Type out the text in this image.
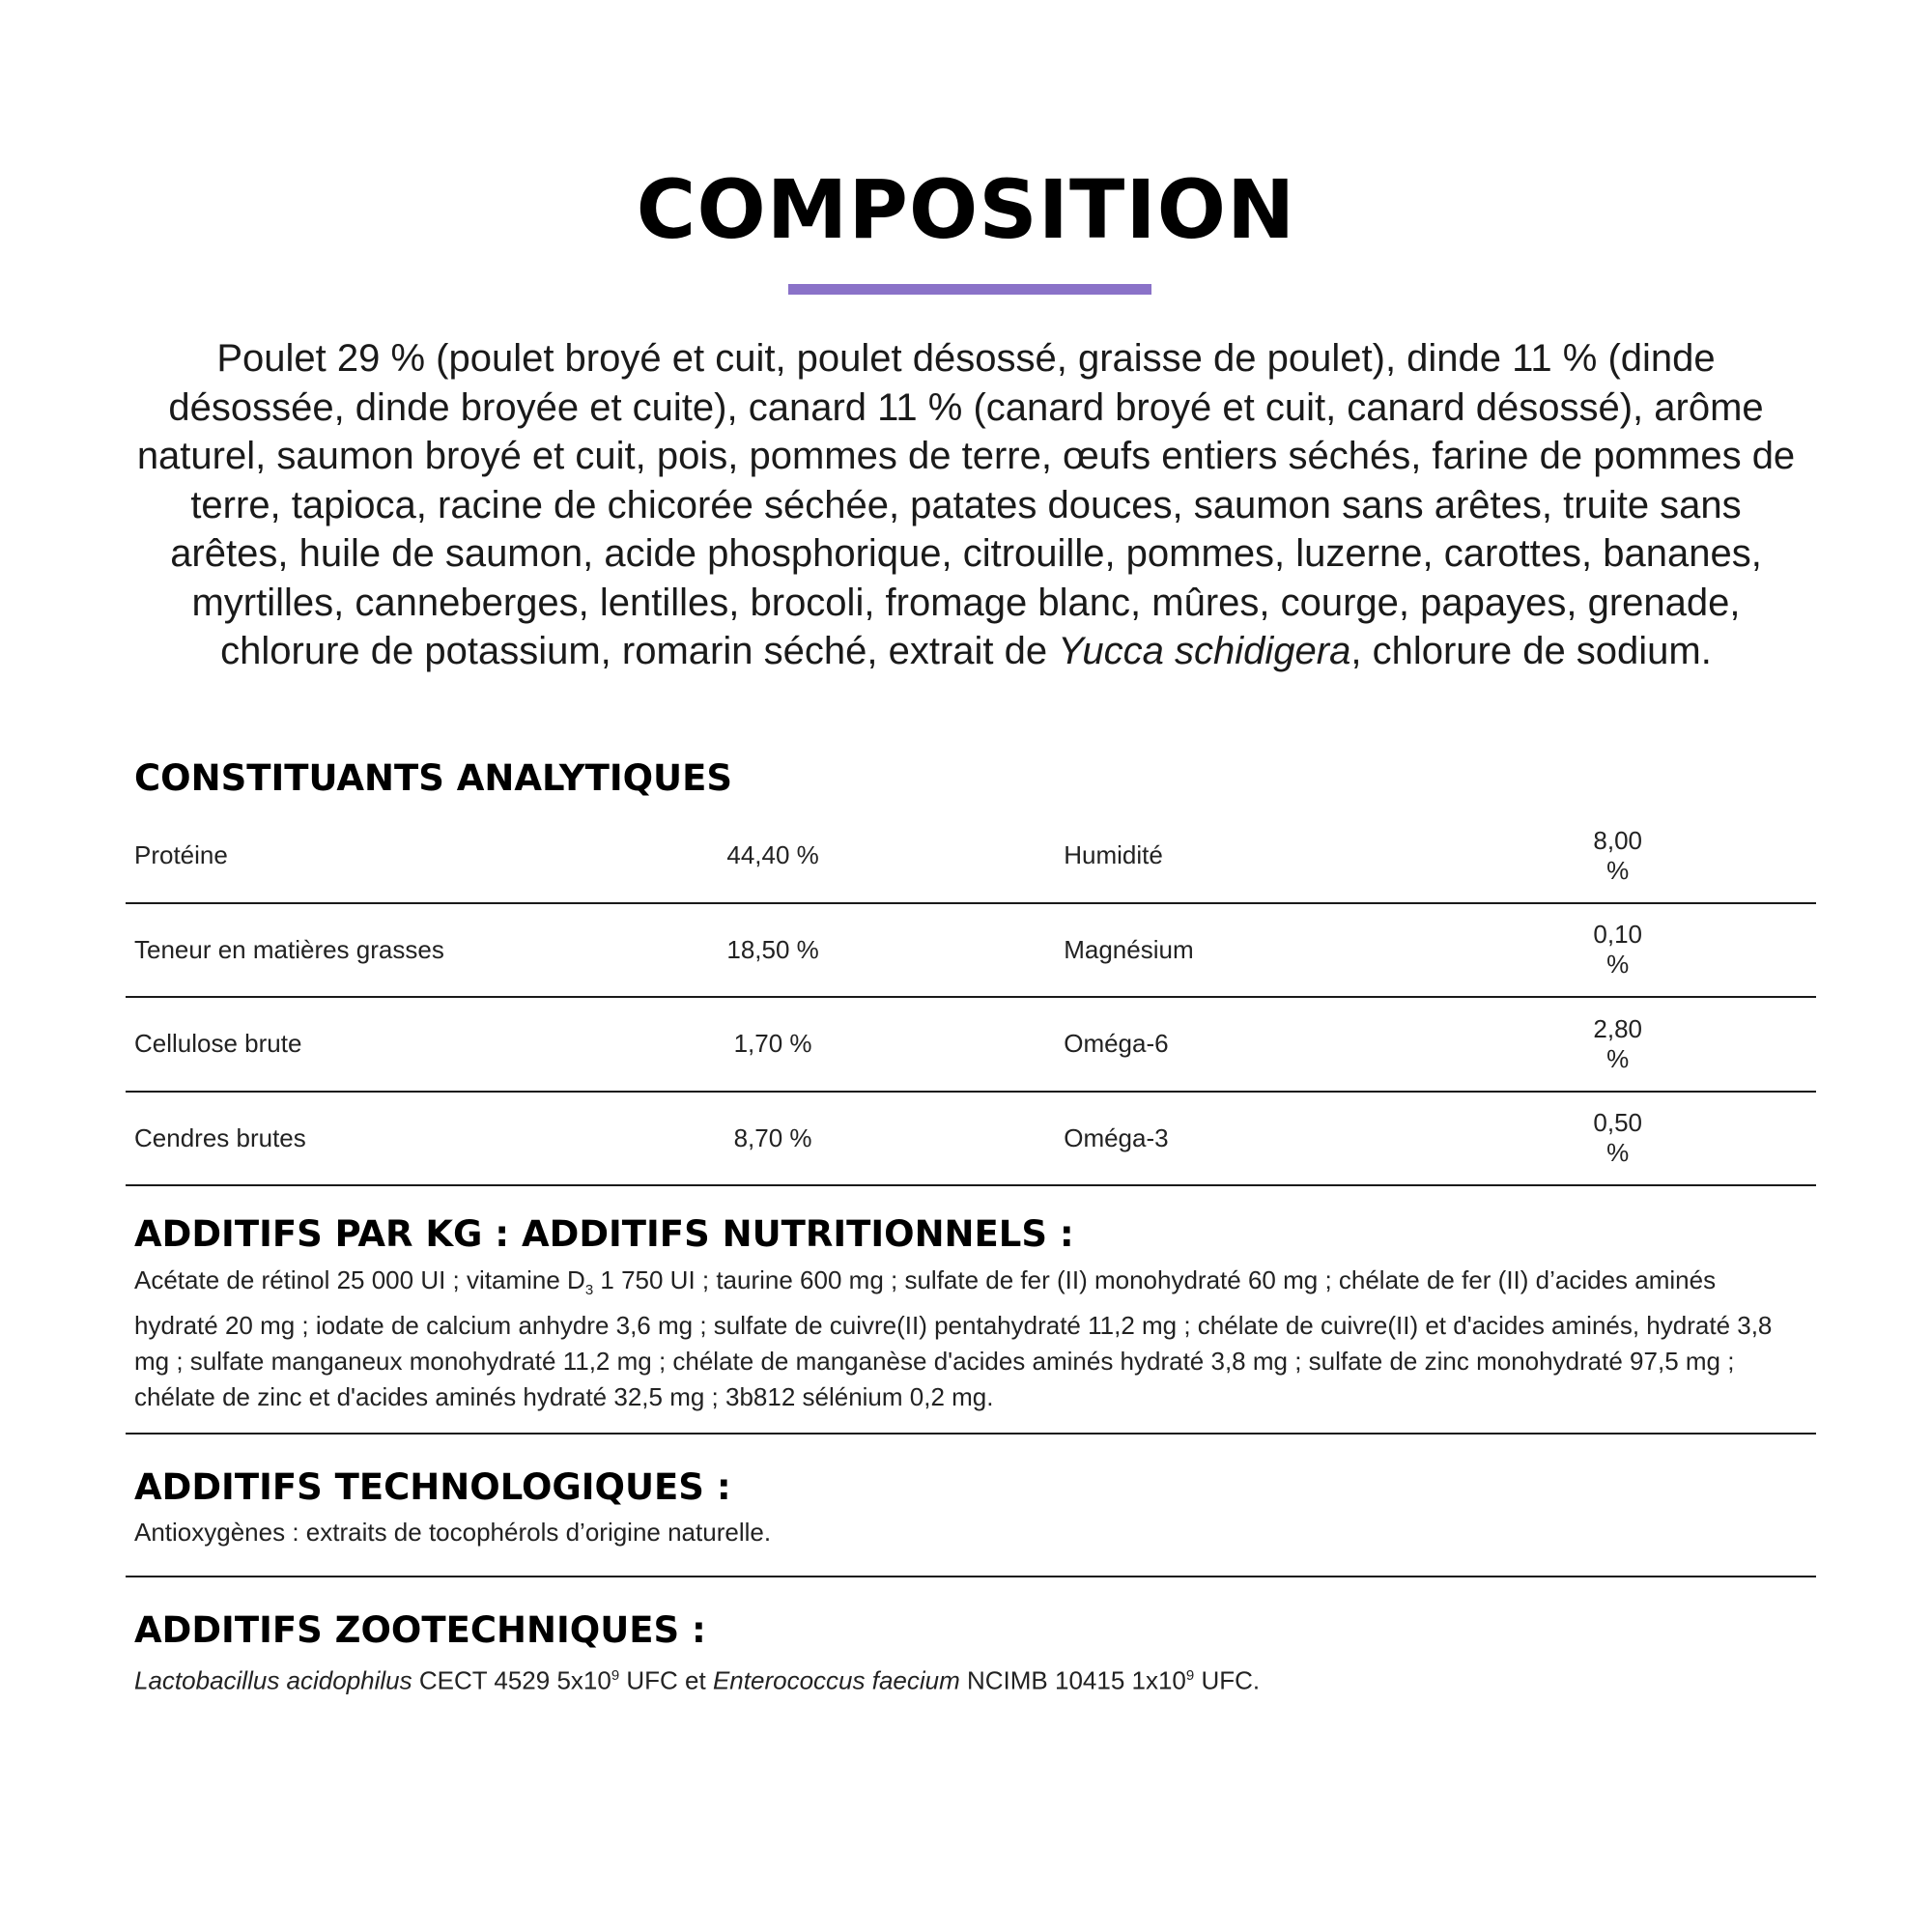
COMPOSITION

Poulet 29 % (poulet broyé et cuit, poulet désossé, graisse de poulet), dinde 11 % (dinde désossée, dinde broyée et cuite), canard 11 % (canard broyé et cuit, canard désossé), arôme naturel, saumon broyé et cuit, pois, pommes de terre, œufs entiers séchés, farine de pommes de terre, tapioca, racine de chicorée séchée, patates douces, saumon sans arêtes, truite sans arêtes, huile de saumon, acide phosphorique, citrouille, pommes, luzerne, carottes, bananes, myrtilles, canneberges, lentilles, brocoli, fromage blanc, mûres, courge, papayes, grenade, chlorure de potassium, romarin séché, extrait de Yucca schidigera, chlorure de sodium.

CONSTITUANTS ANALYTIQUES
Protéine	44,40 %	Humidité	8,00 %
Teneur en matières grasses	18,50 %	Magnésium	0,10 %
Cellulose brute	1,70 %	Oméga-6	2,80 %
Cendres brutes	8,70 %	Oméga-3	0,50 %
ADDITIFS PAR KG : ADDITIFS NUTRITIONNELS :

Acétate de rétinol 25 000 UI ; vitamine $D_3$ 1 750 UI ; taurine 600 mg ; sulfate de fer (II) monohydraté 60 mg ; chélate de fer (II) d’acides aminés hydraté 20 mg ; iodate de calcium anhydre 3,6 mg ; sulfate de cuivre(II) pentahydraté 11,2 mg ; chélate de cuivre(II) et d'acides aminés, hydraté 3,8 mg ; sulfate manganeux monohydraté 11,2 mg ; chélate de manganèse d'acides aminés hydraté 3,8 mg ; sulfate de zinc monohydraté 97,5 mg ; chélate de zinc et d'acides aminés hydraté 32,5 mg ; 3b812 sélénium 0,2 mg.

ADDITIFS TECHNOLOGIQUES :

Antioxygènes : extraits de tocophérols d’origine naturelle.

ADDITIFS ZOOTECHNIQUES :

Lactobacillus acidophilus CECT 4529 $5x10^9$ UFC et Enterococcus faecium NCIMB 10415 $1x10^9$ UFC.
